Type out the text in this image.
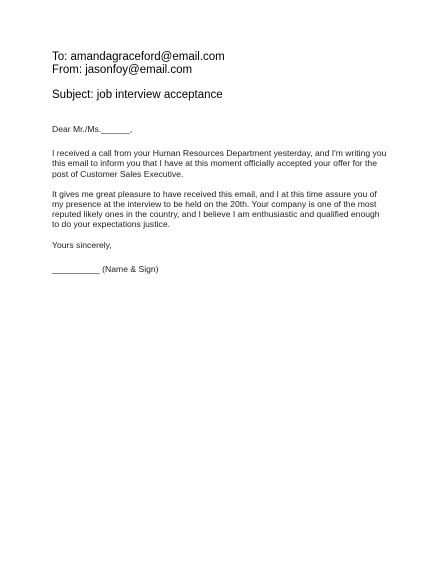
To: amandagraceford@email.com
From: jasonfoy@email.com
Subject: job interview acceptance
Dear Mr./Ms.______,
I received a call from your Human Resources Department yesterday, and I'm writing you
this email to inform you that I have at this moment officially accepted your offer for the
post of Customer Sales Executive.
It gives me great pleasure to have received this email, and I at this time assure you of
my presence at the interview to be held on the 20th. Your company is one of the most
reputed likely ones in the country, and I believe I am enthusiastic and qualified enough
to do your expectations justice.
Yours sincerely,
__________ (Name & Sign)
